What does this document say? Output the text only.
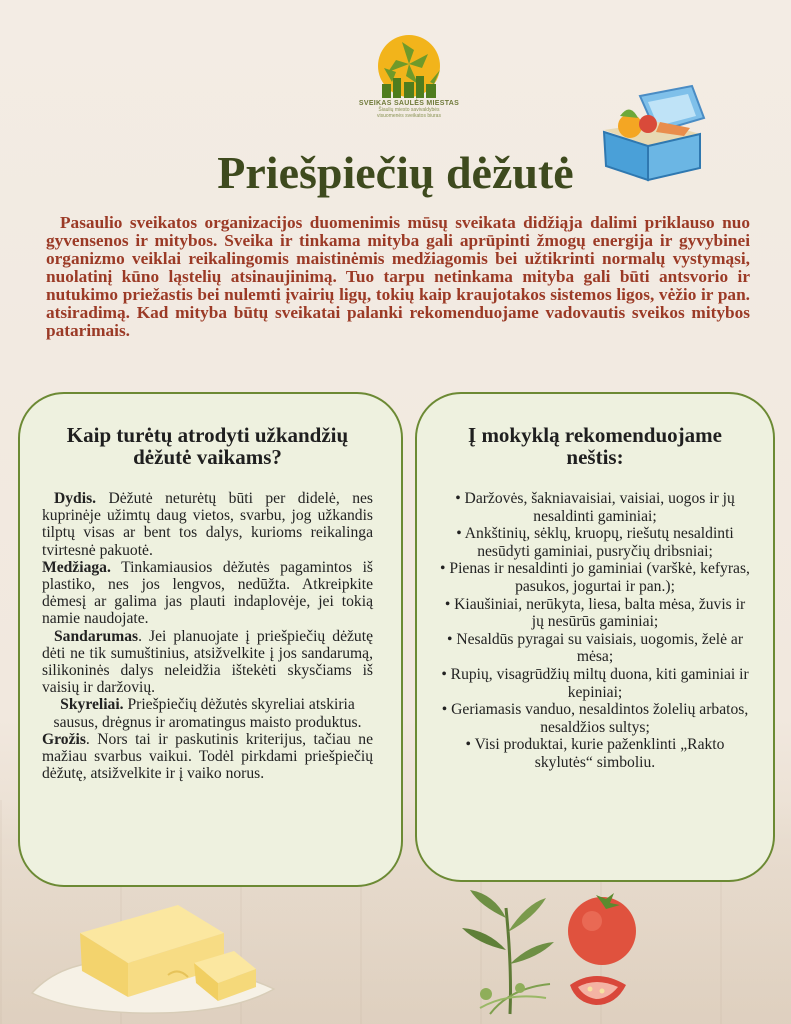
SVEIKAS SAULĖS MIESTAS
Šiaulių miesto savivaldybės
visuomenės sveikatos biuras
Priešpiečių dėžutė

Pasaulio sveikatos organizacijos duomenimis mūsų sveikata didžiąja dalimi priklauso nuo gyvensenos ir mitybos. Sveika ir tinkama mityba gali aprūpinti žmogų energija ir gyvybinei organizmo veiklai reikalingomis maistinėmis medžiagomis bei užtikrinti normalų vystymąsi, nuolatinį kūno ląstelių atsinaujinimą. Tuo tarpu netinkama mityba gali būti antsvorio ir nutukimo priežastis bei nulemti įvairių ligų, tokių kaip kraujotakos sistemos ligos, vėžio ir pan. atsiradimą. Kad mityba būtų sveikatai palanki rekomenduojame vadovautis sveikos mitybos patarimais.

Kaip turėtų atrodyti užkandžių dėžutė vaikams?

Dydis. Dėžutė neturėtų būti per didelė, nes kuprinėje užimtų daug vietos, svarbu, jog užkandis tilptų visas ar bent tos dalys, kurioms reikalinga tvirtesnė pakuotė.

Medžiaga. Tinkamiausios dėžutės pagamintos iš plastiko, nes jos lengvos, nedūžta. Atkreipkite dėmesį ar galima jas plauti indaplovėje, jei tokią namie naudojate.

Sandarumas. Jei planuojate į priešpiečių dėžutę dėti ne tik sumuštinius, atsižvelkite į jos sandarumą, silikoninės dalys neleidžia ištekėti skysčiams iš vaisių ir daržovių.

Skyreliai. Priešpiečių dėžutės skyreliai atskiria sausus, drėgnus ir aromatingus maisto produktus.

Grožis. Nors tai ir paskutinis kriterijus, tačiau ne mažiau svarbus vaikui. Todėl pirkdami priešpiečių dėžutę, atsižvelkite ir į vaiko norus.

Į mokyklą rekomenduojame neštis:
• Daržovės, šakniavaisiai, vaisiai, uogos ir jų nesaldinti gaminiai;
• Ankštinių, sėklų, kruopų, riešutų nesaldinti nesūdyti gaminiai, pusryčių dribsniai;
• Pienas ir nesaldinti jo gaminiai (varškė, kefyras, pasukos, jogurtai ir pan.);
• Kiaušiniai, nerūkyta, liesa, balta mėsa, žuvis ir jų nesūrūs gaminiai;
• Nesaldūs pyragai su vaisiais, uogomis, želė ar mėsa;
• Rupių, visagrūdžių miltų duona, kiti gaminiai ir kepiniai;
• Geriamasis vanduo, nesaldintos žolelių arbatos, nesaldžios sultys;
• Visi produktai, kurie paženklinti „Rakto skylutės“ simboliu.
